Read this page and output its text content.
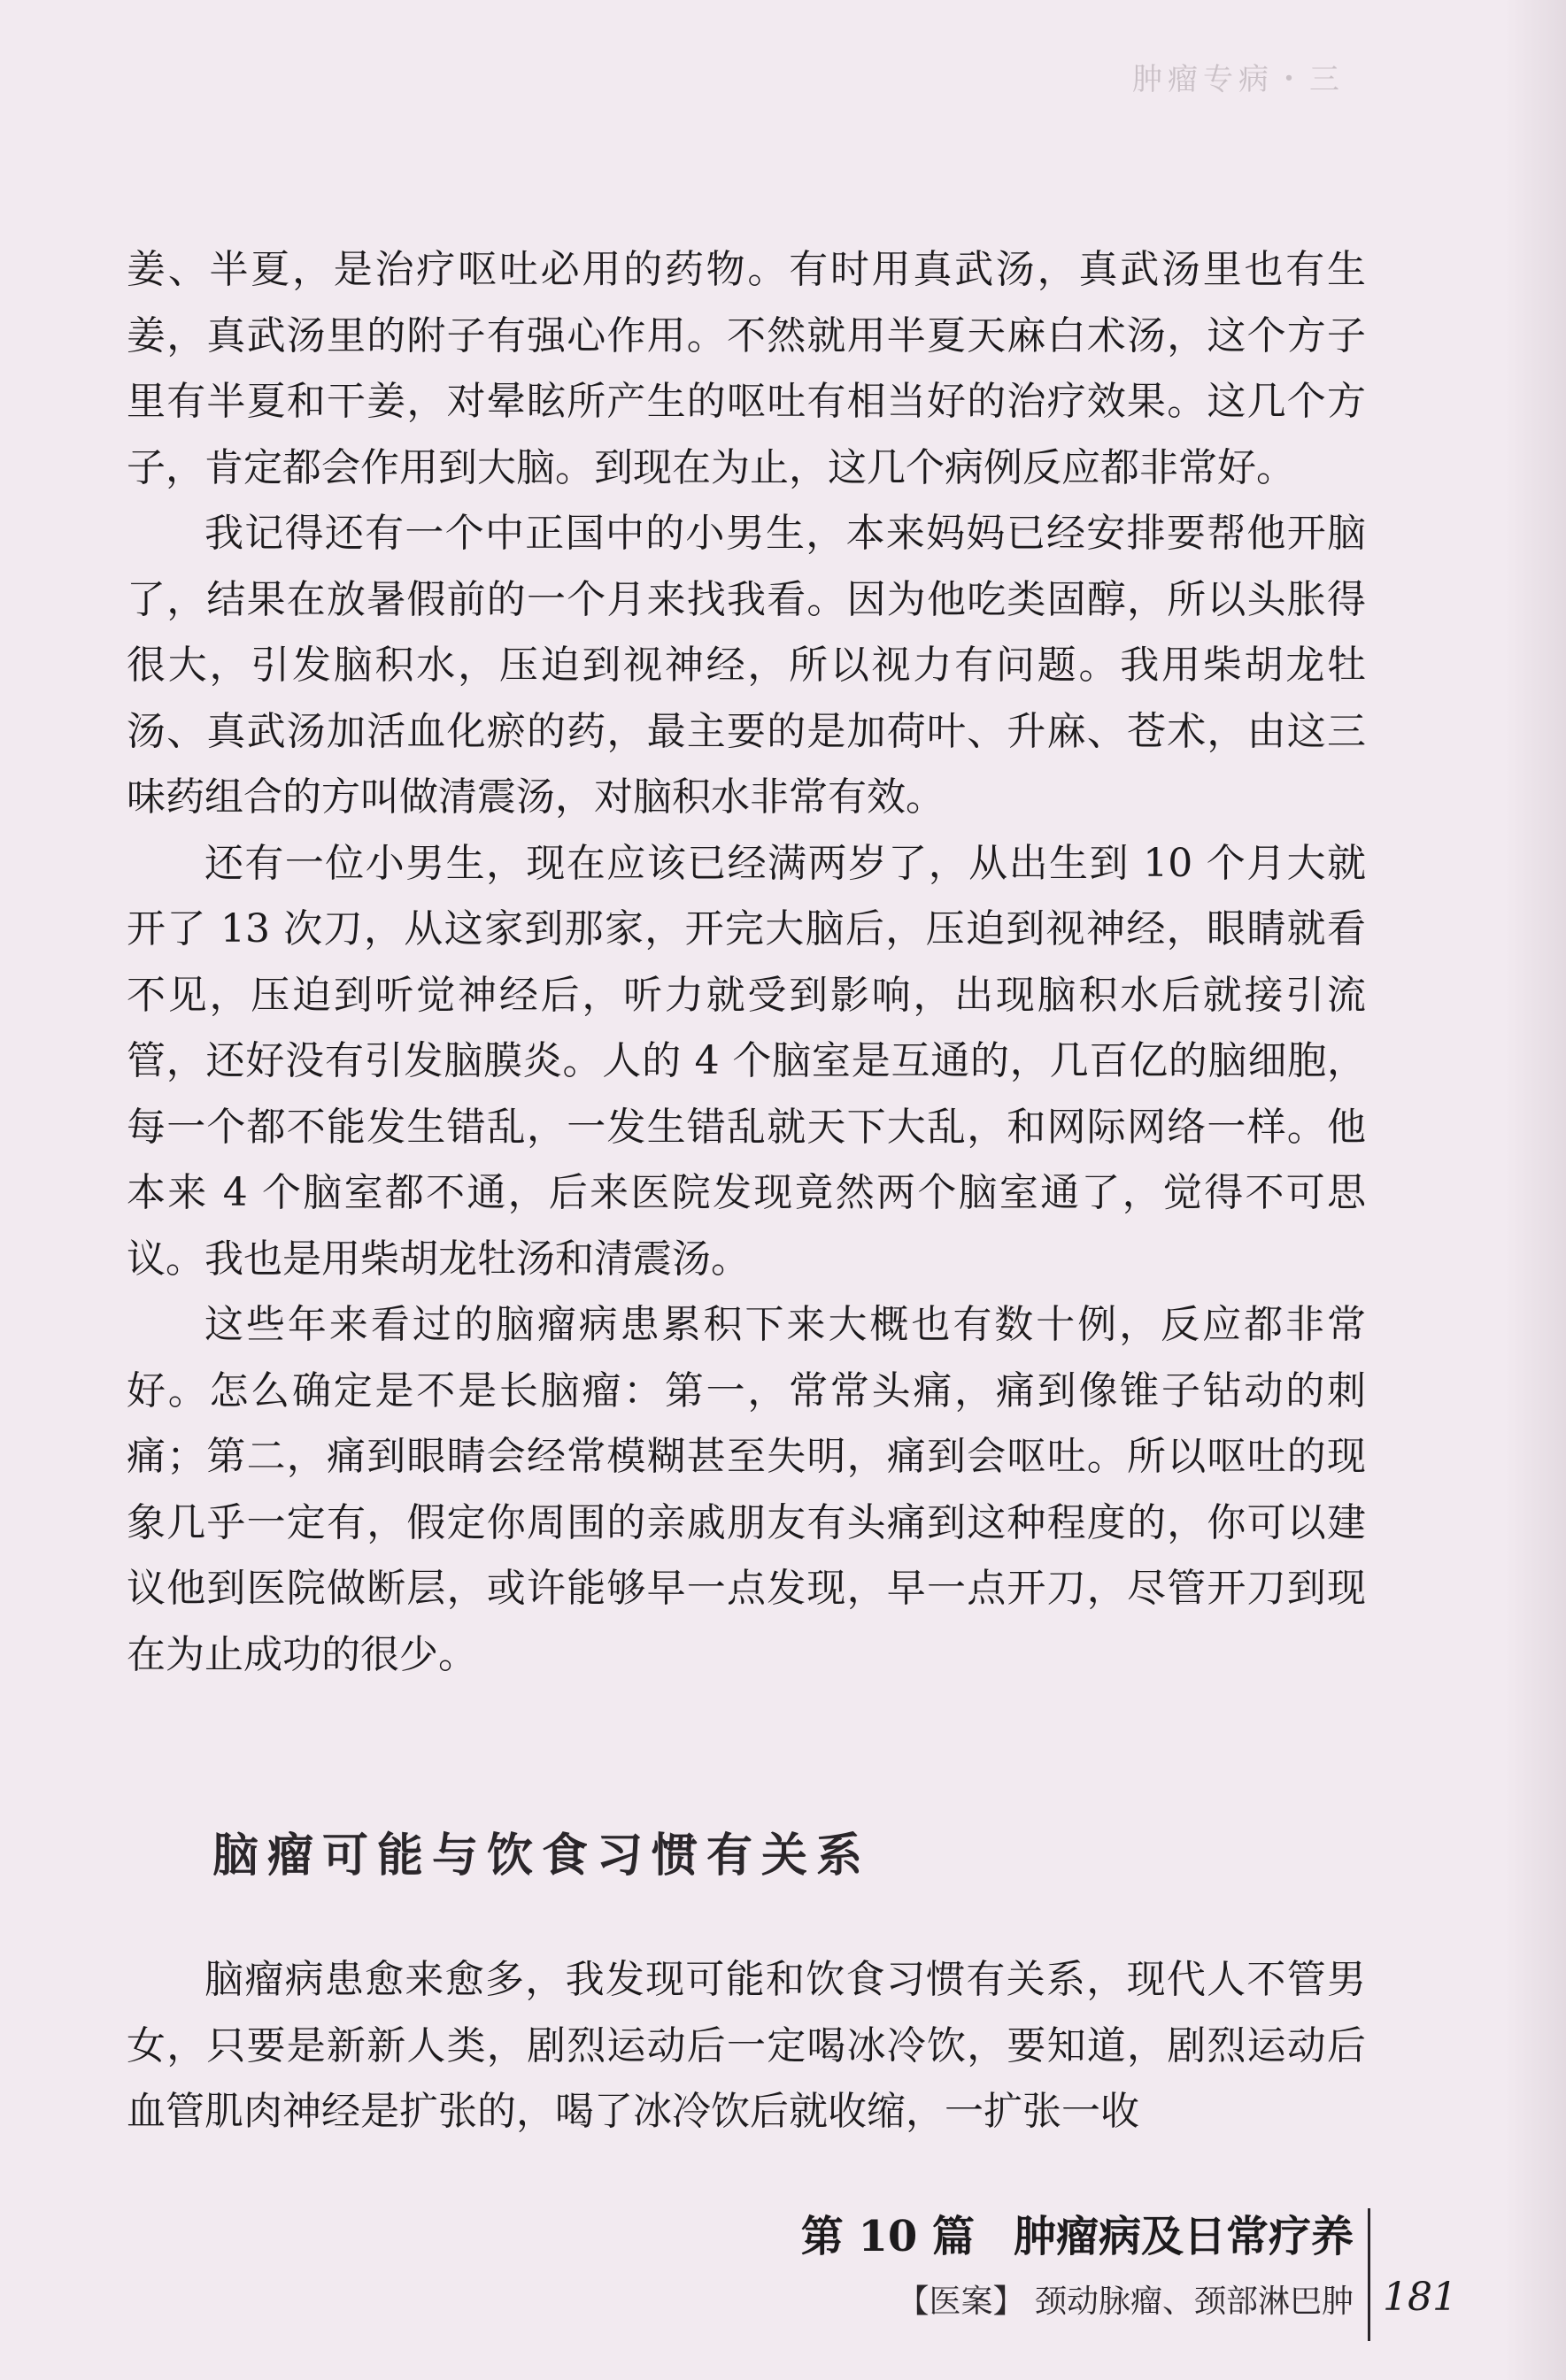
肿瘤专病・三

姜、半夏，是治疗呕吐必用的药物。有时用真武汤，真武汤里也有生姜，真武汤里的附子有强心作用。不然就用半夏天麻白术汤，这个方子里有半夏和干姜，对晕眩所产生的呕吐有相当好的治疗效果。这几个方子，肯定都会作用到大脑。到现在为止，这几个病例反应都非常好。

我记得还有一个中正国中的小男生，本来妈妈已经安排要帮他开脑了，结果在放暑假前的一个月来找我看。因为他吃类固醇，所以头胀得很大，引发脑积水，压迫到视神经，所以视力有问题。我用柴胡龙牡汤、真武汤加活血化瘀的药，最主要的是加荷叶、升麻、苍术，由这三味药组合的方叫做清震汤，对脑积水非常有效。

还有一位小男生，现在应该已经满两岁了，从出生到 10 个月大就开了 13 次刀，从这家到那家，开完大脑后，压迫到视神经，眼睛就看不见，压迫到听觉神经后，听力就受到影响，出现脑积水后就接引流管，还好没有引发脑膜炎。人的 4 个脑室是互通的，几百亿的脑细胞，每一个都不能发生错乱，一发生错乱就天下大乱，和网际网络一样。他本来 4 个脑室都不通，后来医院发现竟然两个脑室通了，觉得不可思议。我也是用柴胡龙牡汤和清震汤。

这些年来看过的脑瘤病患累积下来大概也有数十例，反应都非常好。怎么确定是不是长脑瘤：第一，常常头痛，痛到像锥子钻动的刺痛；第二，痛到眼睛会经常模糊甚至失明，痛到会呕吐。所以呕吐的现象几乎一定有，假定你周围的亲戚朋友有头痛到这种程度的，你可以建议他到医院做断层，或许能够早一点发现，早一点开刀，尽管开刀到现在为止成功的很少。

脑瘤可能与饮食习惯有关系

脑瘤病患愈来愈多，我发现可能和饮食习惯有关系，现代人不管男女，只要是新新人类，剧烈运动后一定喝冰冷饮，要知道，剧烈运动后血管肌肉神经是扩张的，喝了冰冷饮后就收缩，一扩张一收

第 10 篇 肿瘤病及日常疗养
【医案】 颈动脉瘤、颈部淋巴肿 181
